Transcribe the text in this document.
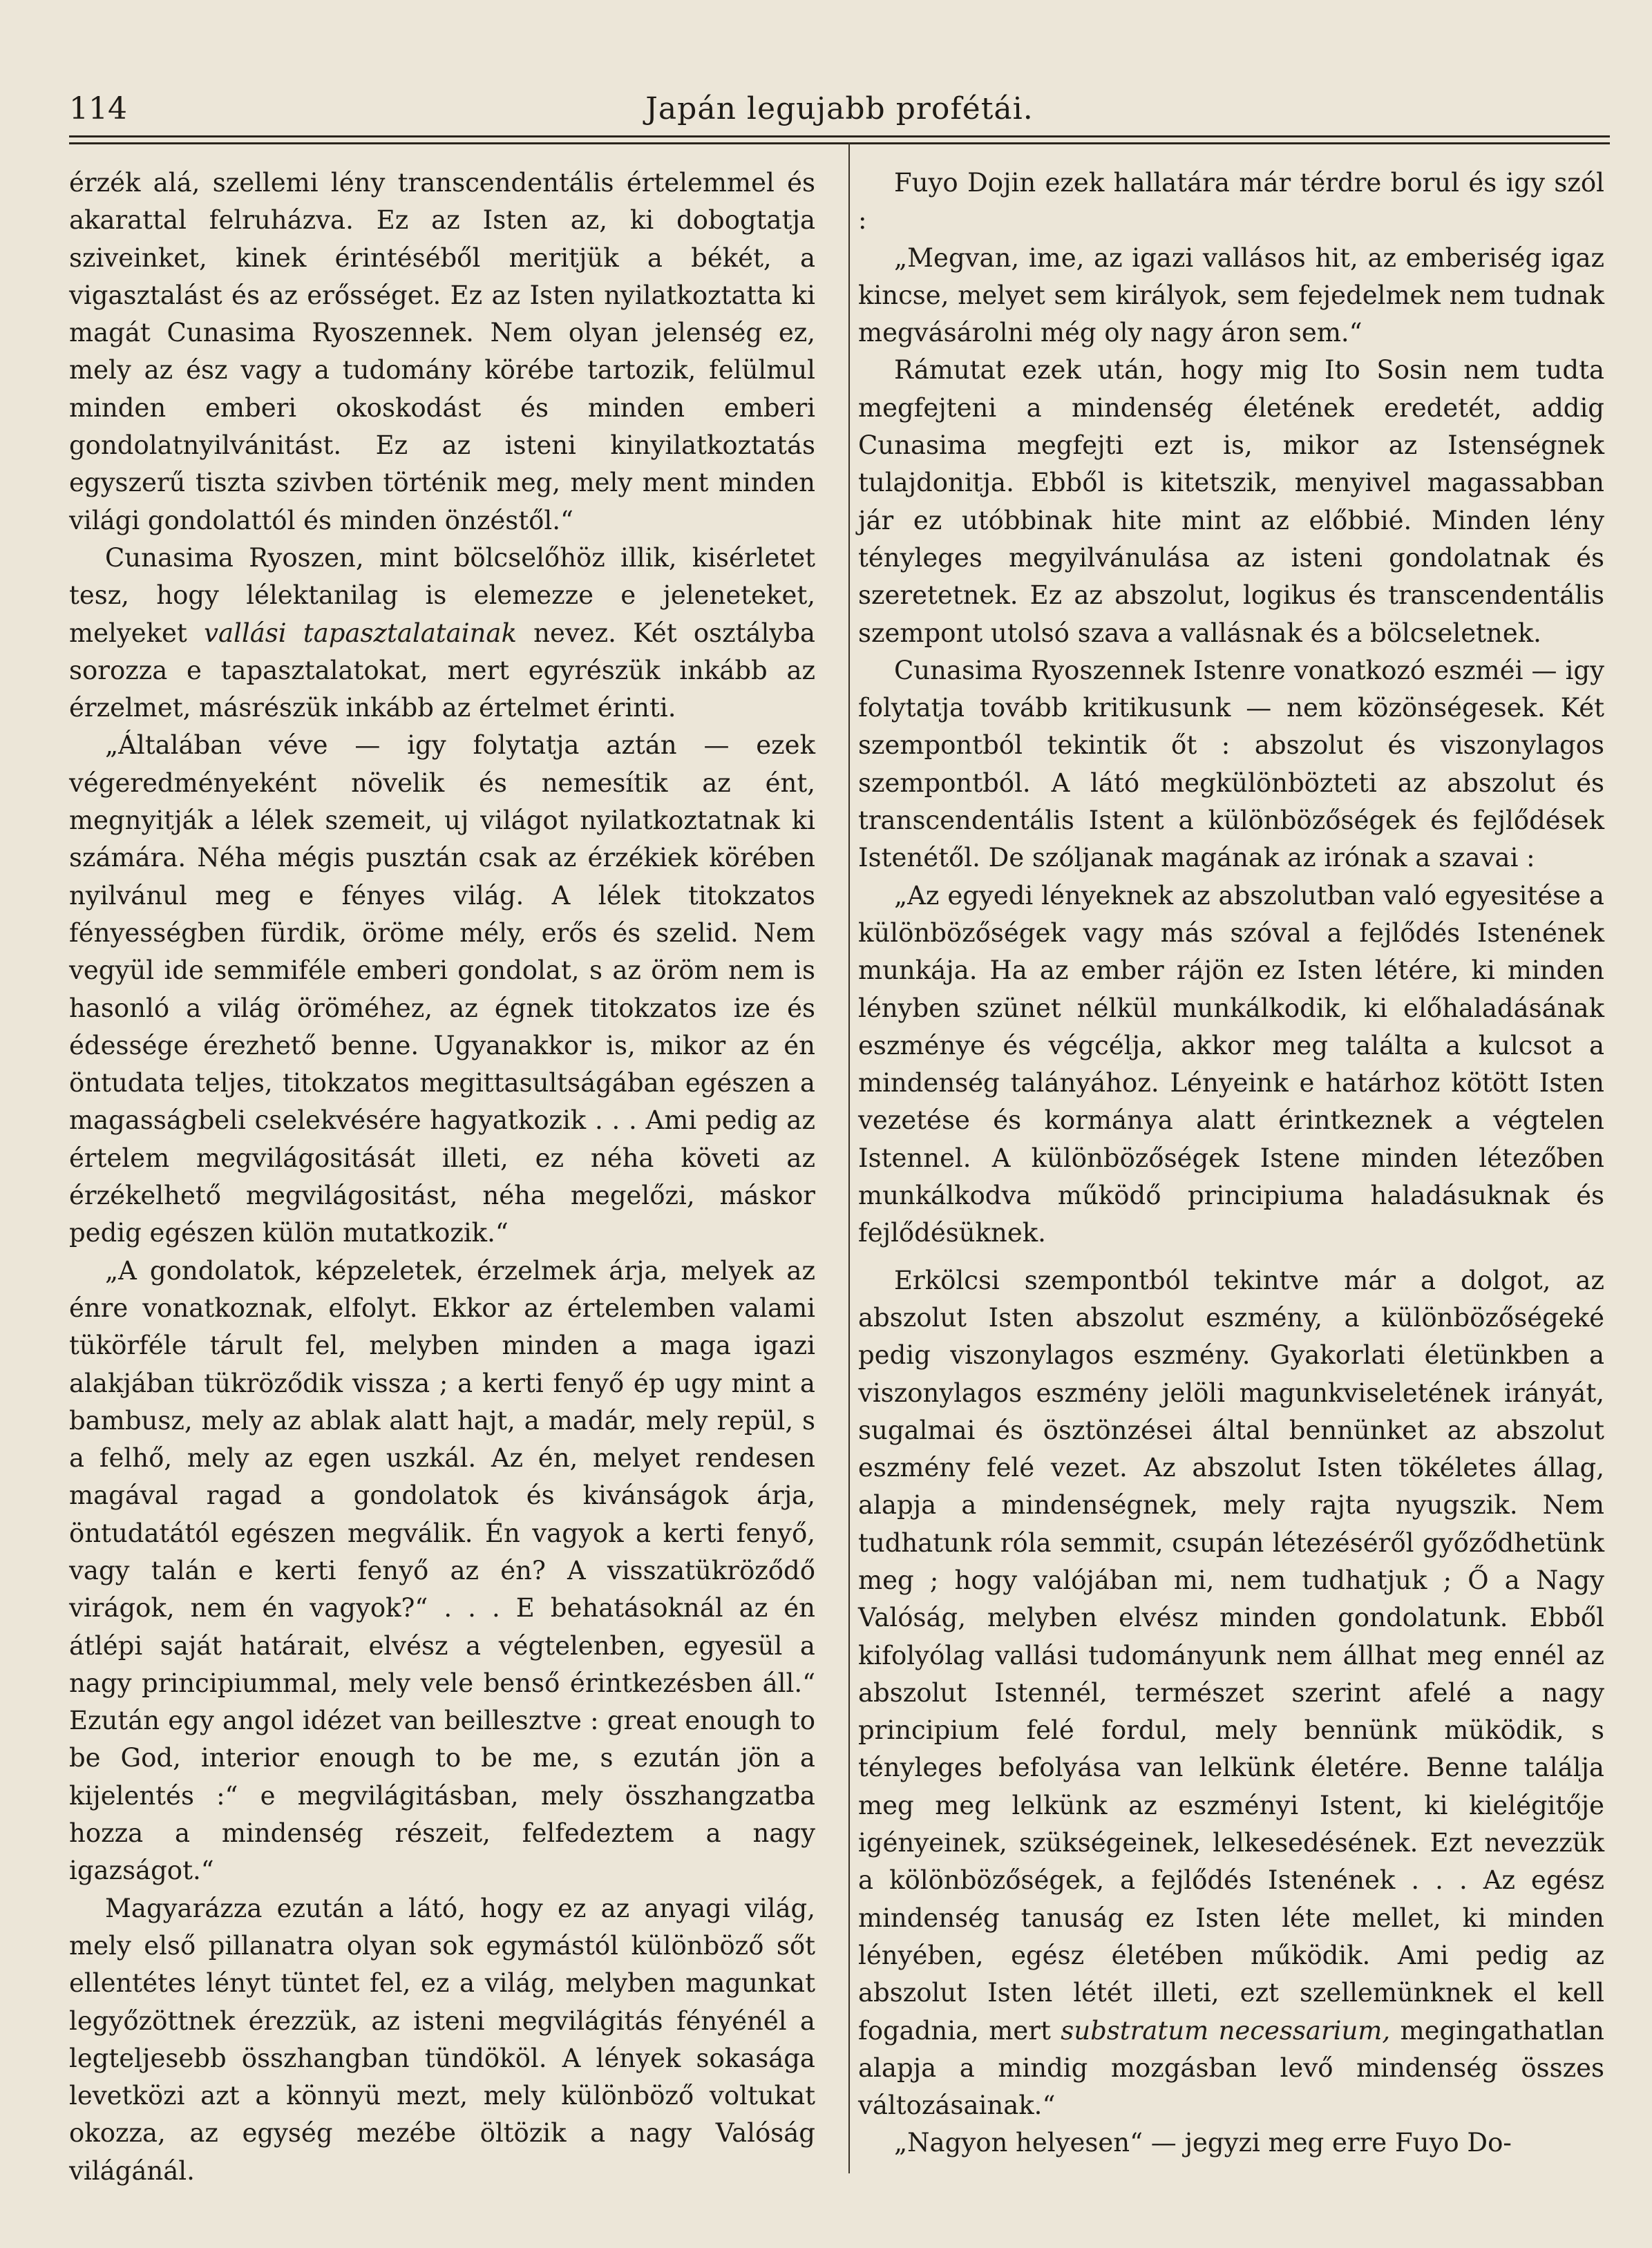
114	Japán legujabb profétái.

érzék alá, szellemi lény transcendentális értelemmel és akarattal felruházva. Ez az Isten az, ki dobogtatja sziveinket, kinek érintéséből meritjük a békét, a vigasztalást és az erősséget. Ez az Isten nyilatkoztatta ki magát Cunasima Ryoszennek. Nem olyan jelenség ez, mely az ész vagy a tudomány körébe tartozik, felülmul minden emberi okoskodást és minden emberi gondolatnyilvánitást. Ez az isteni kinyilatkoztatás egyszerű tiszta szivben történik meg, mely ment minden világi gondolattól és minden önzéstől.“

Cunasima Ryoszen, mint bölcselőhöz illik, kisérletet tesz, hogy lélektanilag is elemezze e jeleneteket, melyeket vallási tapasztalatainak nevez. Két osztályba sorozza e tapasztalatokat, mert egyrészük inkább az érzelmet, másrészük inkább az értelmet érinti.

„Általában véve — igy folytatja aztán — ezek végeredményeként növelik és nemesítik az ént, megnyitják a lélek szemeit, uj világot nyilatkoztatnak ki számára. Néha mégis pusztán csak az érzékiek körében nyilvánul meg e fényes világ. A lélek titokzatos fényességben fürdik, öröme mély, erős és szelid. Nem vegyül ide semmiféle emberi gondolat, s az öröm nem is hasonló a világ öröméhez, az égnek titokzatos ize és édessége érezhető benne. Ugyanakkor is, mikor az én öntudata teljes, titokzatos megittasultságában egészen a magasságbeli cselekvésére hagyatkozik . . . Ami pedig az értelem megvilágositását illeti, ez néha követi az érzékelhető megvilágositást, néha megelőzi, máskor pedig egészen külön mutatkozik.“

„A gondolatok, képzeletek, érzelmek árja, melyek az énre vonatkoznak, elfolyt. Ekkor az értelemben valami tükörféle tárult fel, melyben minden a maga igazi alakjában tükröződik vissza ; a kerti fenyő ép ugy mint a bambusz, mely az ablak alatt hajt, a madár, mely repül, s a felhő, mely az egen uszkál. Az én, melyet rendesen magával ragad a gondolatok és kivánságok árja, öntudatától egészen megválik. Én vagyok a kerti fenyő, vagy talán e kerti fenyő az én? A visszatükröződő virágok, nem én vagyok?“ . . . E behatásoknál az én átlépi saját határait, elvész a végtelenben, egyesül a nagy principiummal, mely vele benső érintkezésben áll.“ Ezután egy angol idézet van beillesztve : great enough to be God, interior enough to be me, s ezután jön a kijelentés :“ e megvilágitásban, mely összhangzatba hozza a mindenség részeit, felfedeztem a nagy igazságot.“

Magyarázza ezután a látó, hogy ez az anyagi világ, mely első pillanatra olyan sok egymástól különböző sőt ellentétes lényt tüntet fel, ez a világ, melyben magunkat legyőzöttnek érezzük, az isteni megvilágitás fényénél a legteljesebb összhangban tündököl. A lények sokasága levetközi azt a könnyü mezt, mely különböző voltukat okozza, az egység mezébe öltözik a nagy Valóság világánál.

Fuyo Dojin ezek hallatára már térdre borul és igy szól :

„Megvan, ime, az igazi vallásos hit, az emberiség igaz kincse, melyet sem királyok, sem fejedelmek nem tudnak megvásárolni még oly nagy áron sem.“

Rámutat ezek után, hogy mig Ito Sosin nem tudta megfejteni a mindenség életének eredetét, addig Cunasima megfejti ezt is, mikor az Istenségnek tulajdonitja. Ebből is kitetszik, menyivel magassabban jár ez utóbbinak hite mint az előbbié. Minden lény tényleges megyilvánulása az isteni gondolatnak és szeretetnek. Ez az abszolut, logikus és transcendentális szempont utolsó szava a vallásnak és a bölcseletnek.

Cunasima Ryoszennek Istenre vonatkozó eszméi — igy folytatja tovább kritikusunk — nem közönségesek. Két szempontból tekintik őt : abszolut és viszonylagos szempontból. A látó megkülönbözteti az abszolut és transcendentális Istent a különbözőségek és fejlődések Istenétől. De szóljanak magának az irónak a szavai :

„Az egyedi lényeknek az abszolutban való egyesitése a különbözőségek vagy más szóval a fejlődés Istenének munkája. Ha az ember rájön ez Isten létére, ki minden lényben szünet nélkül munkálkodik, ki előhaladásának eszménye és végcélja, akkor meg találta a kulcsot a mindenség talányához. Lényeink e határhoz kötött Isten vezetése és kormánya alatt érintkeznek a végtelen Istennel. A különbözőségek Istene minden létezőben munkálkodva működő principiuma haladásuknak és fejlődésüknek.

Erkölcsi szempontból tekintve már a dolgot, az abszolut Isten abszolut eszmény, a különbözőségeké pedig viszonylagos eszmény. Gyakorlati életünkben a viszonylagos eszmény jelöli magunkviseletének irányát, sugalmai és ösztönzései által bennünket az abszolut eszmény felé vezet. Az abszolut Isten tökéletes állag, alapja a mindenségnek, mely rajta nyugszik. Nem tudhatunk róla semmit, csupán létezéséről győződhetünk meg ; hogy valójában mi, nem tudhatjuk ; Ő a Nagy Valóság, melyben elvész minden gondolatunk. Ebből kifolyólag vallási tudományunk nem állhat meg ennél az abszolut Istennél, természet szerint afelé a nagy principium felé fordul, mely bennünk müködik, s tényleges befolyása van lelkünk életére. Benne találja meg meg lelkünk az eszményi Istent, ki kielégitője igényeinek, szükségeinek, lelkesedésének. Ezt nevezzük a kölönbözőségek, a fejlődés Istenének . . . Az egész mindenség tanuság ez Isten léte mellet, ki minden lényében, egész életében működik. Ami pedig az abszolut Isten létét illeti, ezt szellemünknek el kell fogadnia, mert substratum necessarium, megingathatlan alapja a mindig mozgásban levő mindenség összes változásainak.“

„Nagyon helyesen“ — jegyzi meg erre Fuyo Do-
